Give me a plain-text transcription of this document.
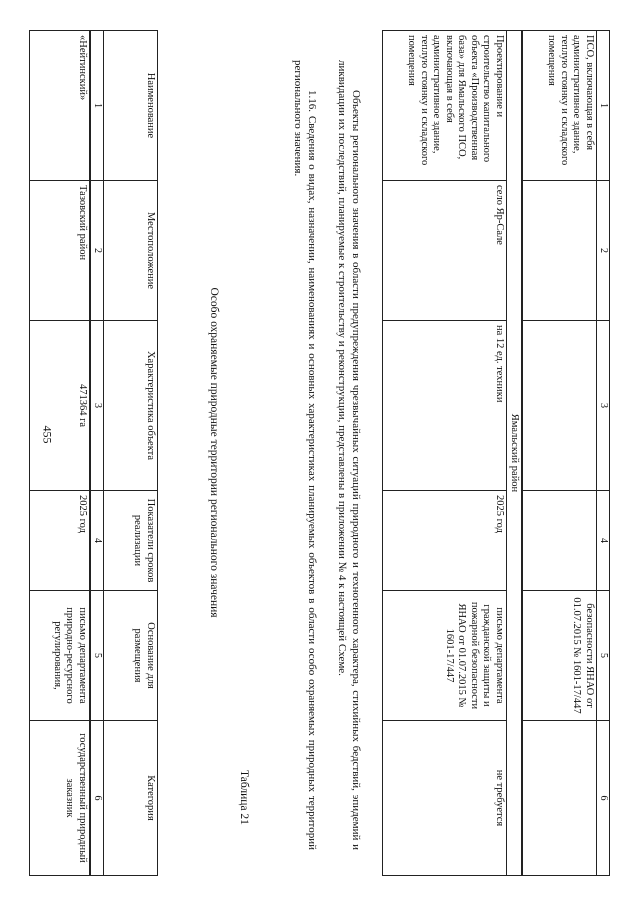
455
1	2	3	4	5	6
ПСО, включающая в себя административное здание, теплую стоянку и складского помещения				безопасности ЯНАО от 01.07.2015 № 1601-17/447	
Ямальский район					
Проектирование и строительство капитального объекта «Производственная база» для Ямальского ПСО, включающая в себя административное здание, теплую стоянку и складского помещения	село Яр-Сале	на 12 ед. техники	2025 год	письмо департамента гражданской защиты и пожарной безопасности ЯНАО от 01.07.2015 № 1601-17/447	не требуется

Объекты регионального значения в области предупреждения чрезвычайных ситуаций природного и техногенного характера, стихийных бедствий, эпидемий и ликвидации их последствий, планируемые к строительству и реконструкции, представлены в приложении № 4 к настоящей Схеме.

1.16. Сведения о видах, назначении, наименованиях и основных характеристиках планируемых объектов в области особо охраняемых природных территорий регионального значения.

Таблица 21
Особо охраняемые природные территории регионального значения
Наименование	Местоположение	Характеристика объекта	Показатели сроков реализации	Основание для размещения	Категория
1	2	3	4	5	6
«Нейтинский»	Тазовский район	471364 га	2025 год	письмо департамента природно-ресурсного регулирования,	государственный природный заказник
